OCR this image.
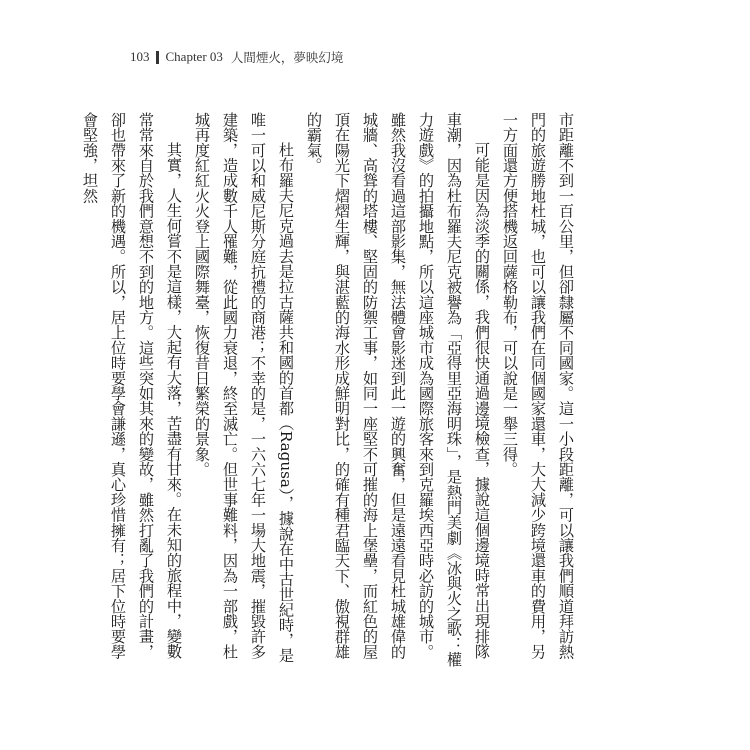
103 Chapter 03 人間煙火，夢映幻境

市距離不到一百公里，但卻隸屬不同國家。這一小段距離，可以讓我們順道拜訪熱門的旅遊勝地杜城，也可以讓我們在同個國家還車，大大減少跨境還車的費用，另一方面還方便搭機返回薩格勒布，可以說是一舉三得。

可能是因為淡季的關係，我們很快通過邊境檢查，據說這個邊境時常出現排隊車潮，因為杜布羅夫尼克被譽為「亞得里亞海明珠」，是熱門美劇《冰與火之歌：權力遊戲》的拍攝地點，所以這座城市成為國際旅客來到克羅埃西亞時必訪的城市。雖然我沒看過這部影集，無法體會影迷到此一遊的興奮，但是遠遠看見杜城雄偉的城牆、高聳的塔樓、堅固的防禦工事，如同一座堅不可摧的海上堡壘，而紅色的屋頂在陽光下熠熠生輝，與湛藍的海水形成鮮明對比，的確有種君臨天下、傲視群雄的霸氣。

杜布羅夫尼克過去是拉古薩共和國的首都（Ragusa），據說在中古世紀時，是唯一可以和威尼斯分庭抗禮的商港；不幸的是，一六六七年一場大地震，摧毀許多建築，造成數千人罹難，從此國力衰退，終至滅亡。但世事難料，因為一部戲，杜城再度紅紅火火登上國際舞臺，恢復昔日繁榮的景象。

其實，人生何嘗不是這樣，大起有大落，苦盡有甘來。在未知的旅程中，變數常常來自於我們意想不到的地方。這些突如其來的變故，雖然打亂了我們的計畫，卻也帶來了新的機遇。所以，居上位時要學會謙遜，真心珍惜擁有；居下位時要學會堅強，坦然
